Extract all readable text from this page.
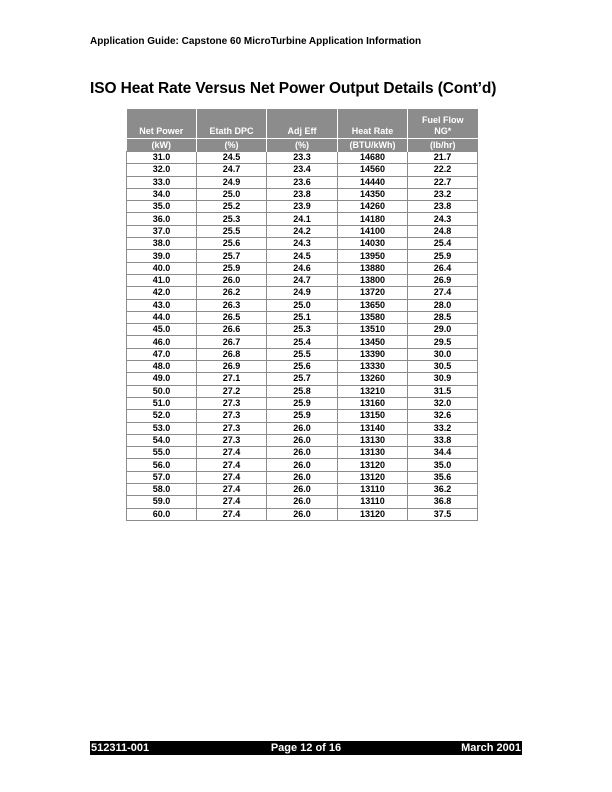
Application Guide: Capstone 60 MicroTurbine Application Information
ISO Heat Rate Versus Net Power Output Details (Cont’d)
Net Power	Etath DPC	Adj Eff	Heat Rate	Fuel Flow
NG*
(kW)	(%)	(%)	(BTU/kWh)	(lb/hr)
31.0	24.5	23.3	14680	21.7
32.0	24.7	23.4	14560	22.2
33.0	24.9	23.6	14440	22.7
34.0	25.0	23.8	14350	23.2
35.0	25.2	23.9	14260	23.8
36.0	25.3	24.1	14180	24.3
37.0	25.5	24.2	14100	24.8
38.0	25.6	24.3	14030	25.4
39.0	25.7	24.5	13950	25.9
40.0	25.9	24.6	13880	26.4
41.0	26.0	24.7	13800	26.9
42.0	26.2	24.9	13720	27.4
43.0	26.3	25.0	13650	28.0
44.0	26.5	25.1	13580	28.5
45.0	26.6	25.3	13510	29.0
46.0	26.7	25.4	13450	29.5
47.0	26.8	25.5	13390	30.0
48.0	26.9	25.6	13330	30.5
49.0	27.1	25.7	13260	30.9
50.0	27.2	25.8	13210	31.5
51.0	27.3	25.9	13160	32.0
52.0	27.3	25.9	13150	32.6
53.0	27.3	26.0	13140	33.2
54.0	27.3	26.0	13130	33.8
55.0	27.4	26.0	13130	34.4
56.0	27.4	26.0	13120	35.0
57.0	27.4	26.0	13120	35.6
58.0	27.4	26.0	13110	36.2
59.0	27.4	26.0	13110	36.8
60.0	27.4	26.0	13120	37.5
Page 12 of 16
512311-001	March 2001
